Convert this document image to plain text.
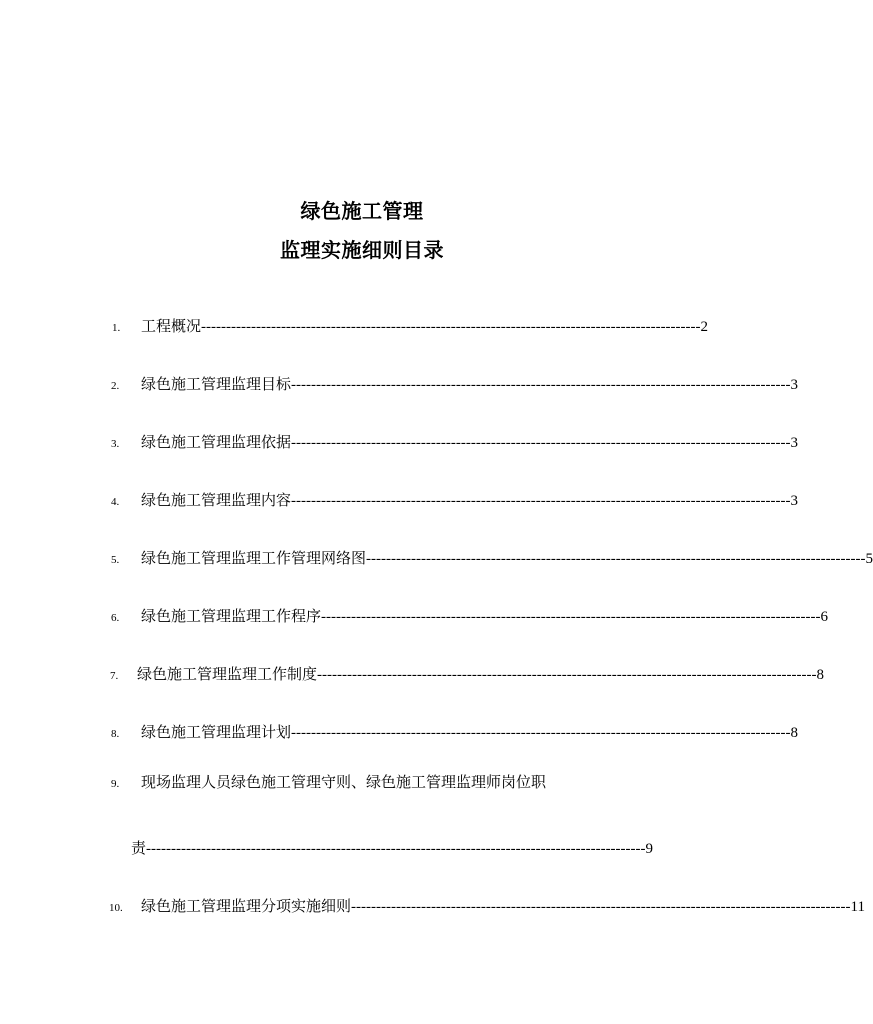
绿色施工管理
监理实施细则目录
1. 工程概况 ---------------------------------------------------------------------------------------------------- 2
2. 绿色施工管理监理目标 ---------------------------------------------------------------------------------------------------- 3
3. 绿色施工管理监理依据 ---------------------------------------------------------------------------------------------------- 3
4. 绿色施工管理监理内容 ---------------------------------------------------------------------------------------------------- 3
5. 绿色施工管理监理工作管理网络图 ---------------------------------------------------------------------------------------------------- 5
6. 绿色施工管理监理工作程序 ---------------------------------------------------------------------------------------------------- 6
7. 绿色施工管理监理工作制度 ---------------------------------------------------------------------------------------------------- 8
8. 绿色施工管理监理计划 ---------------------------------------------------------------------------------------------------- 8
9. 现场监理人员绿色施工管理守则、绿色施工管理监理师岗位职
责 ---------------------------------------------------------------------------------------------------- 9
10. 绿色施工管理监理分项实施细则 ---------------------------------------------------------------------------------------------------- 11
